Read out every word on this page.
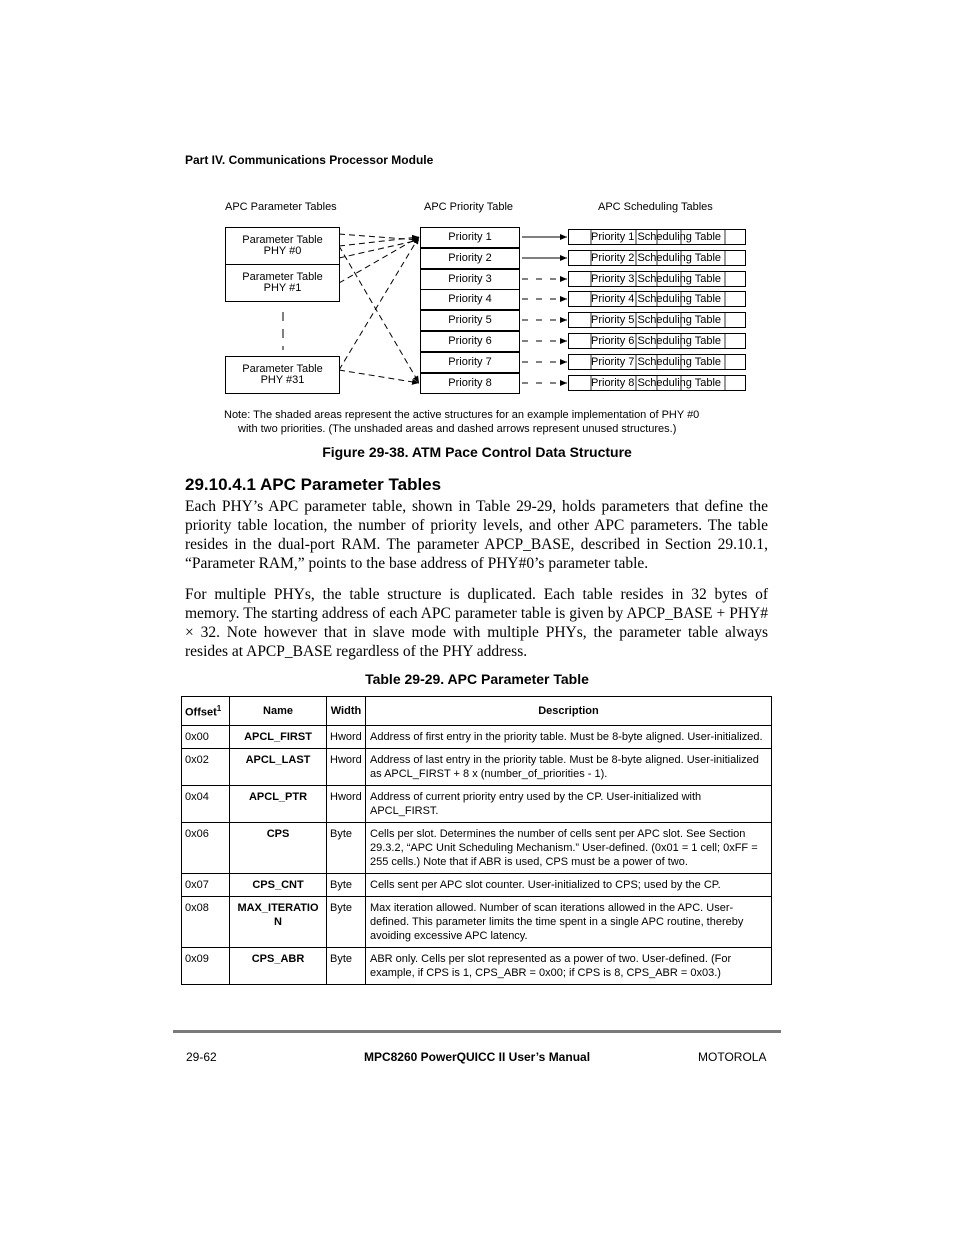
Part IV. Communications Processor Module
APC Parameter Tables	APC Priority Table	APC Scheduling Tables
Parameter Table
PHY #0
Parameter Table
PHY #1
Parameter Table
PHY #31
Priority 1
Priority 2
Priority 3
Priority 4
Priority 5
Priority 6
Priority 7
Priority 8
Priority 1 Scheduling Table
Priority 2 Scheduling Table
Priority 3 Scheduling Table
Priority 4 Scheduling Table
Priority 5 Scheduling Table
Priority 6 Scheduling Table
Priority 7 Scheduling Table
Priority 8 Scheduling Table
Note: The shaded areas represent the active structures for an example implementation of PHY #0
with two priorities. (The unshaded areas and dashed arrows represent unused structures.)
Figure 29-38. ATM Pace Control Data Structure
29.10.4.1 APC Parameter Tables
Each PHY’s APC parameter table, shown in Table 29-29, holds parameters that define the priority table location, the number of priority levels, and other APC parameters. The table resides in the dual-port RAM. The parameter APCP_BASE, described in Section 29.10.1, “Parameter RAM,” points to the base address of PHY#0’s parameter table.
For multiple PHYs, the table structure is duplicated. Each table resides in 32 bytes of memory. The starting address of each APC parameter table is given by APCP_BASE + PHY# × 32. Note however that in slave mode with multiple PHYs, the parameter table always resides at APCP_BASE regardless of the PHY address.
Table 29-29. APC Parameter Table
Offset$^1$	Name	Width	Description
0x00	APCL_FIRST	Hword	Address of first entry in the priority table. Must be 8-byte aligned. User-initialized.
0x02	APCL_LAST	Hword	Address of last entry in the priority table. Must be 8-byte aligned. User-initialized as APCL_FIRST + 8 x (number_of_priorities - 1).
0x04	APCL_PTR	Hword	Address of current priority entry used by the CP. User-initialized with APCL_FIRST.
0x06	CPS	Byte	Cells per slot. Determines the number of cells sent per APC slot. See Section 29.3.2, “APC Unit Scheduling Mechanism.” User-defined. (0x01 = 1 cell; 0xFF = 255 cells.) Note that if ABR is used, CPS must be a power of two.
0x07	CPS_CNT	Byte	Cells sent per APC slot counter. User-initialized to CPS; used by the CP.
0x08	MAX_ITERATIO N	Byte	Max iteration allowed. Number of scan iterations allowed in the APC. User-defined. This parameter limits the time spent in a single APC routine, thereby avoiding excessive APC latency.
0x09	CPS_ABR	Byte	ABR only. Cells per slot represented as a power of two. User-defined. (For example, if CPS is 1, CPS_ABR = 0x00; if CPS is 8, CPS_ABR = 0x03.)
29-62	MPC8260 PowerQUICC II User’s Manual	MOTOROLA
